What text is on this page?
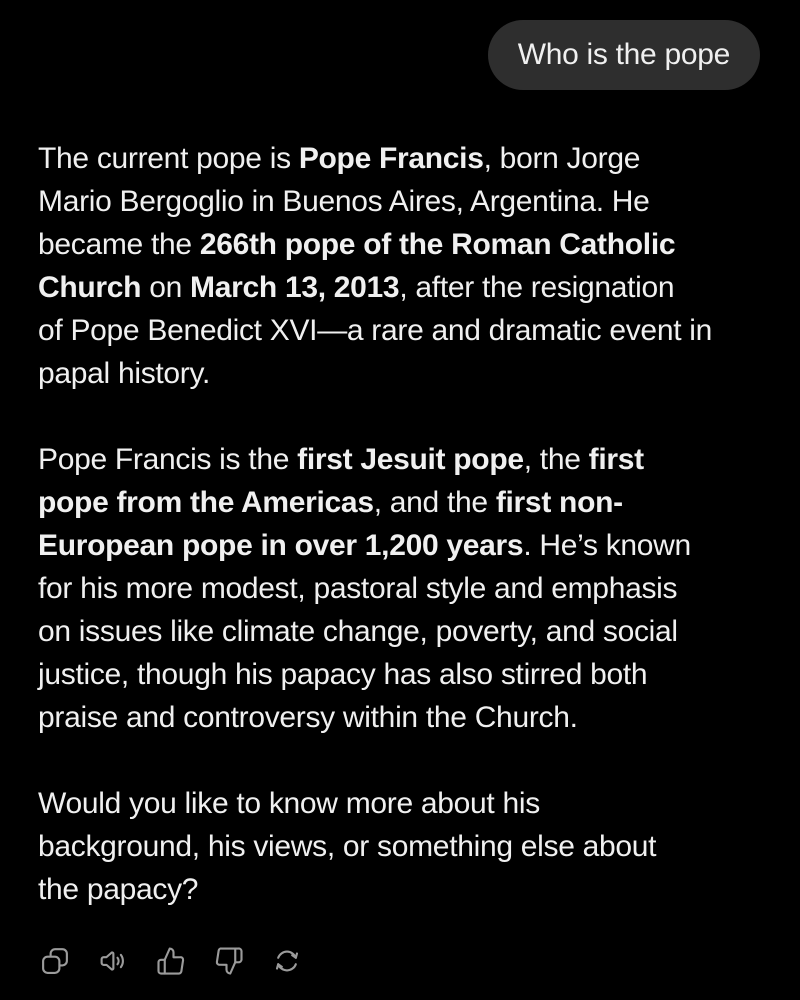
Who is the pope
The current pope is Pope Francis, born Jorge
Mario Bergoglio in Buenos Aires, Argentina. He
became the 266th pope of the Roman Catholic
Church on March 13, 2013, after the resignation
of Pope Benedict XVI—a rare and dramatic event in
papal history.
Pope Francis is the first Jesuit pope, the first
pope from the Americas, and the first non-
European pope in over 1,200 years. He’s known
for his more modest, pastoral style and emphasis
on issues like climate change, poverty, and social
justice, though his papacy has also stirred both
praise and controversy within the Church.
Would you like to know more about his
background, his views, or something else about
the papacy?
